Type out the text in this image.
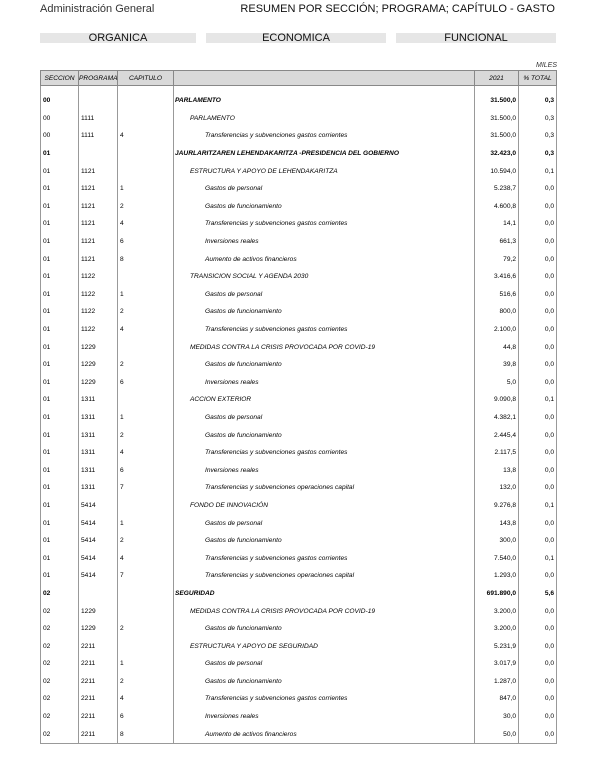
Administración General	RESUMEN POR SECCIÓN; PROGRAMA; CAPÍTULO - GASTO
ORGANICA	ECONOMICA	FUNCIONAL
MILES
SECCION	PROGRAMA	CAPITULO		2021	% TOTAL
00			PARLAMENTO	31.500,0	0,3
00	1111		PARLAMENTO	31.500,0	0,3
00	1111	4	Transferencias y subvenciones gastos corrientes	31.500,0	0,3
01			JAURLARITZAREN LEHENDAKARITZA -PRESIDENCIA DEL GOBIERNO	32.423,0	0,3
01	1121		ESTRUCTURA Y APOYO DE LEHENDAKARITZA	10.594,0	0,1
01	1121	1	Gastos de personal	5.238,7	0,0
01	1121	2	Gastos de funcionamiento	4.600,8	0,0
01	1121	4	Transferencias y subvenciones gastos corrientes	14,1	0,0
01	1121	6	Inversiones reales	661,3	0,0
01	1121	8	Aumento de activos financieros	79,2	0,0
01	1122		TRANSICION SOCIAL Y AGENDA 2030	3.416,6	0,0
01	1122	1	Gastos de personal	516,6	0,0
01	1122	2	Gastos de funcionamiento	800,0	0,0
01	1122	4	Transferencias y subvenciones gastos corrientes	2.100,0	0,0
01	1229		MEDIDAS CONTRA LA CRISIS PROVOCADA POR COVID-19	44,8	0,0
01	1229	2	Gastos de funcionamiento	39,8	0,0
01	1229	6	Inversiones reales	5,0	0,0
01	1311		ACCION EXTERIOR	9.090,8	0,1
01	1311	1	Gastos de personal	4.382,1	0,0
01	1311	2	Gastos de funcionamiento	2.445,4	0,0
01	1311	4	Transferencias y subvenciones gastos corrientes	2.117,5	0,0
01	1311	6	Inversiones reales	13,8	0,0
01	1311	7	Transferencias y subvenciones operaciones capital	132,0	0,0
01	5414		FONDO DE INNOVACIÓN	9.276,8	0,1
01	5414	1	Gastos de personal	143,8	0,0
01	5414	2	Gastos de funcionamiento	300,0	0,0
01	5414	4	Transferencias y subvenciones gastos corrientes	7.540,0	0,1
01	5414	7	Transferencias y subvenciones operaciones capital	1.293,0	0,0
02			SEGURIDAD	691.890,0	5,6
02	1229		MEDIDAS CONTRA LA CRISIS PROVOCADA POR COVID-19	3.200,0	0,0
02	1229	2	Gastos de funcionamiento	3.200,0	0,0
02	2211		ESTRUCTURA Y APOYO DE SEGURIDAD	5.231,9	0,0
02	2211	1	Gastos de personal	3.017,9	0,0
02	2211	2	Gastos de funcionamiento	1.287,0	0,0
02	2211	4	Transferencias y subvenciones gastos corrientes	847,0	0,0
02	2211	6	Inversiones reales	30,0	0,0
02	2211	8	Aumento de activos financieros	50,0	0,0
